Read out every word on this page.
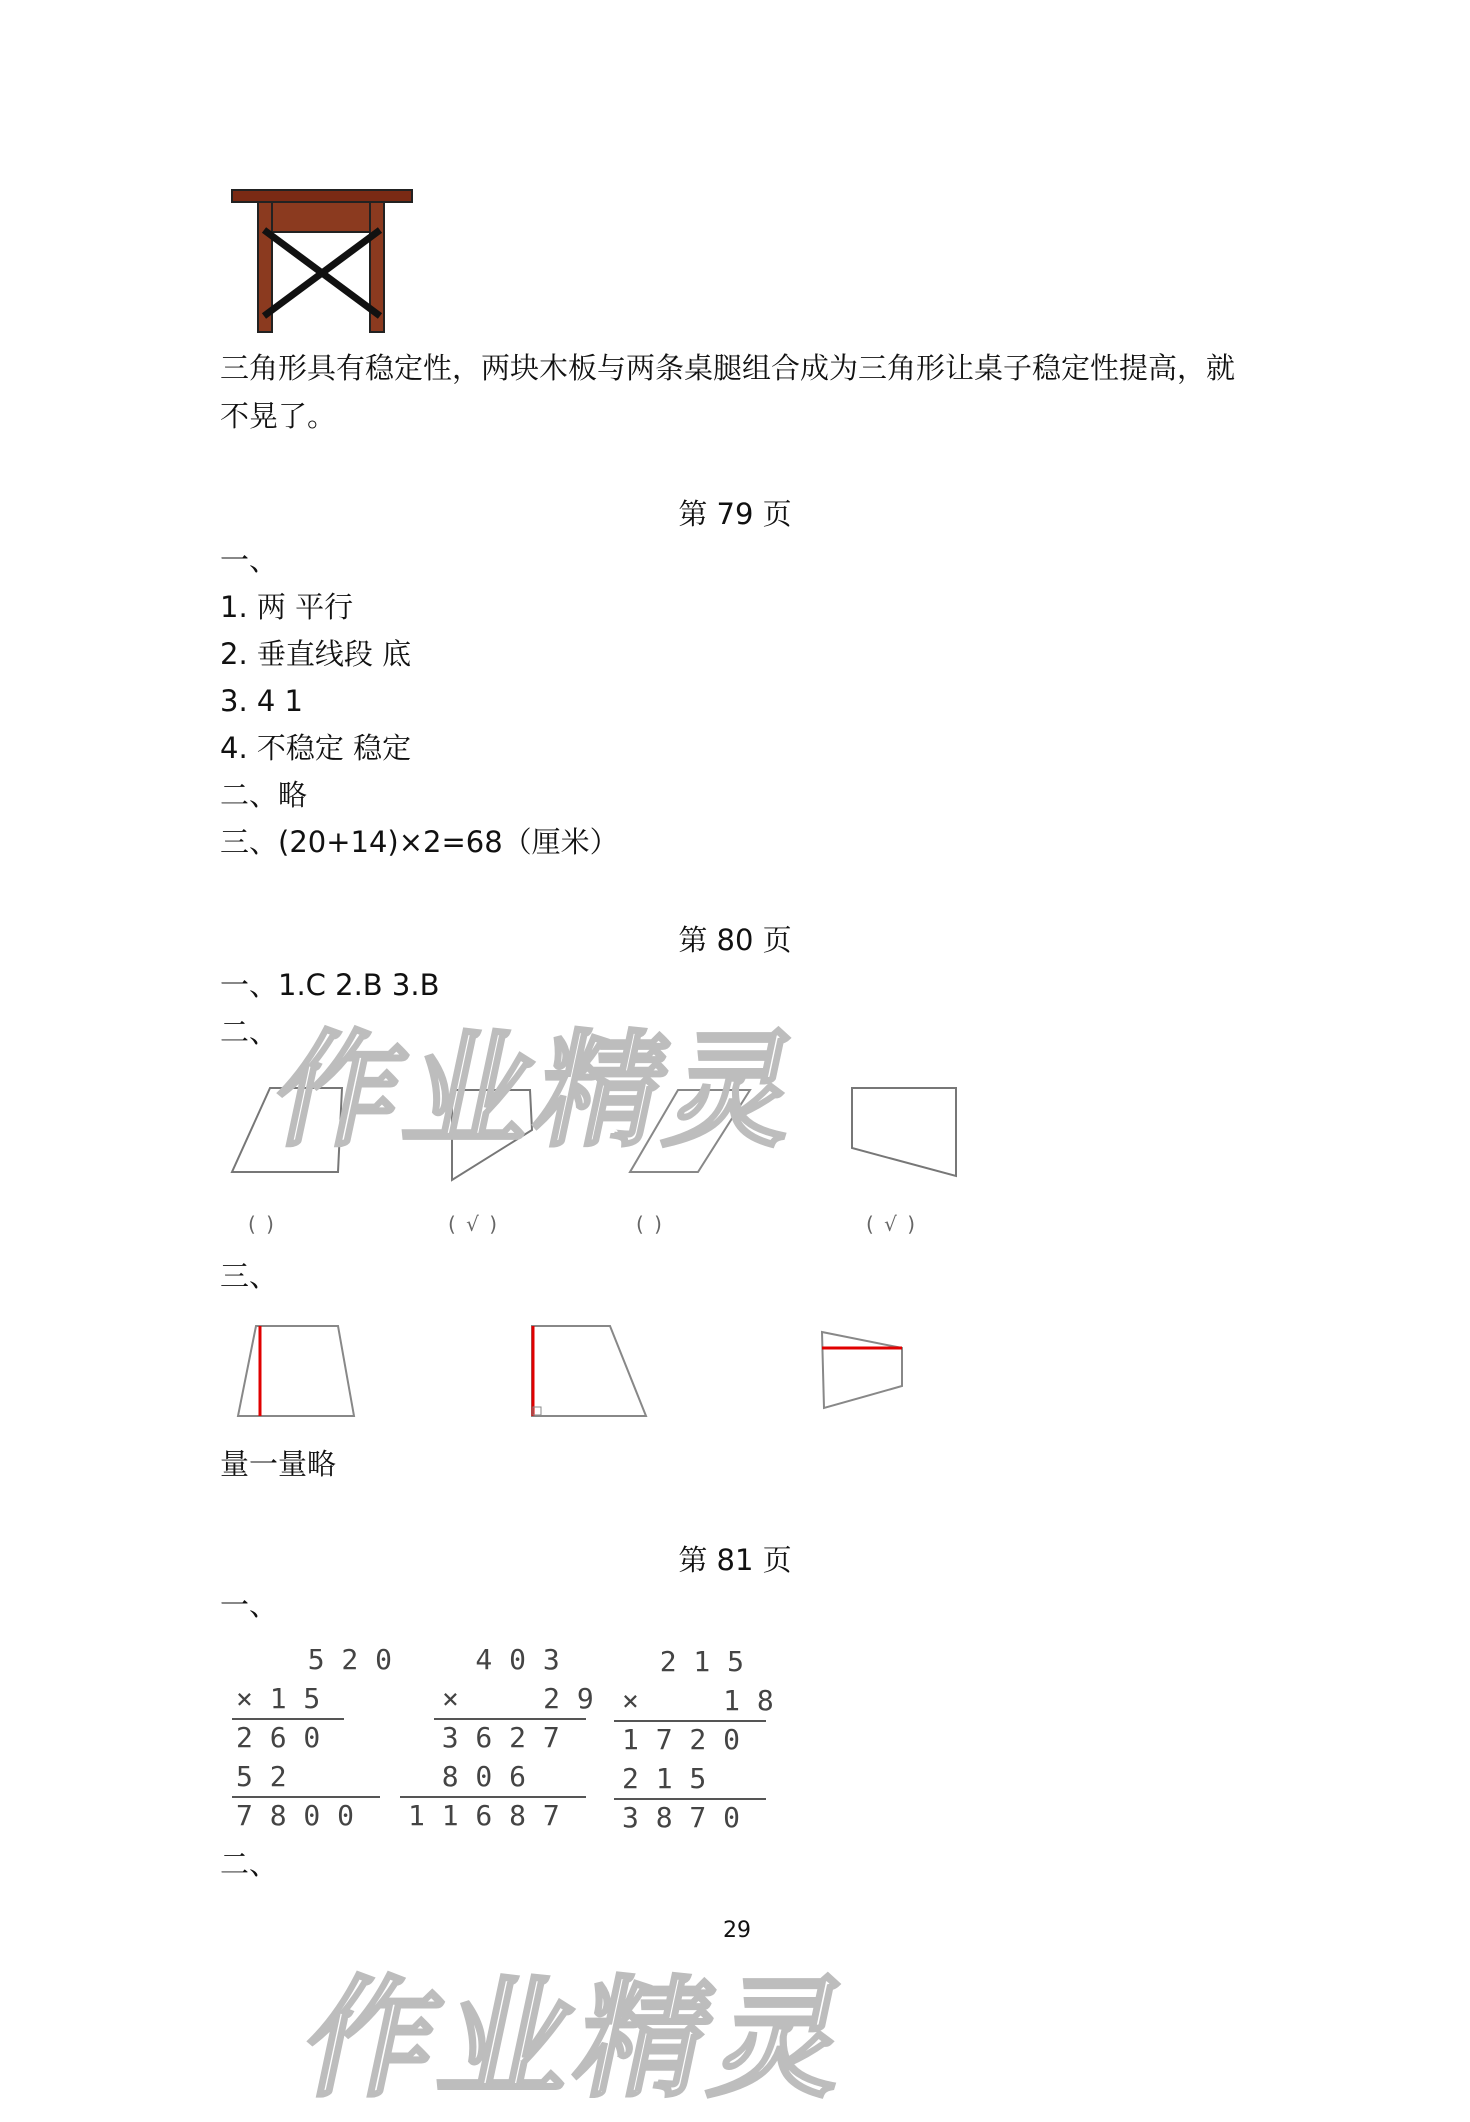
三角形具有稳定性，两块木板与两条桌腿组合成为三角形让桌子稳定性提高，就
不晃了。
第 79 页
一、
1. 两 平行
2. 垂直线段 底
3. 4 1
4. 不稳定 稳定
二、略
三、(20+14)×2=68（厘米）
第 80 页
一、1.C 2.B 3.B
二、
( )	( √ )	( )	( √ )
三、
量一量略
第 81 页
一、
5 2 0
× 1 5
2 6 0
5 2
7 8 0 0
4 0 3
×     2 9
3 6 2 7
8 0 6
1 1 6 8 7
2 1 5
×     1 8
1 7 2 0
2 1 5
3 8 7 0
二、
29
作业精灵
作业精灵
